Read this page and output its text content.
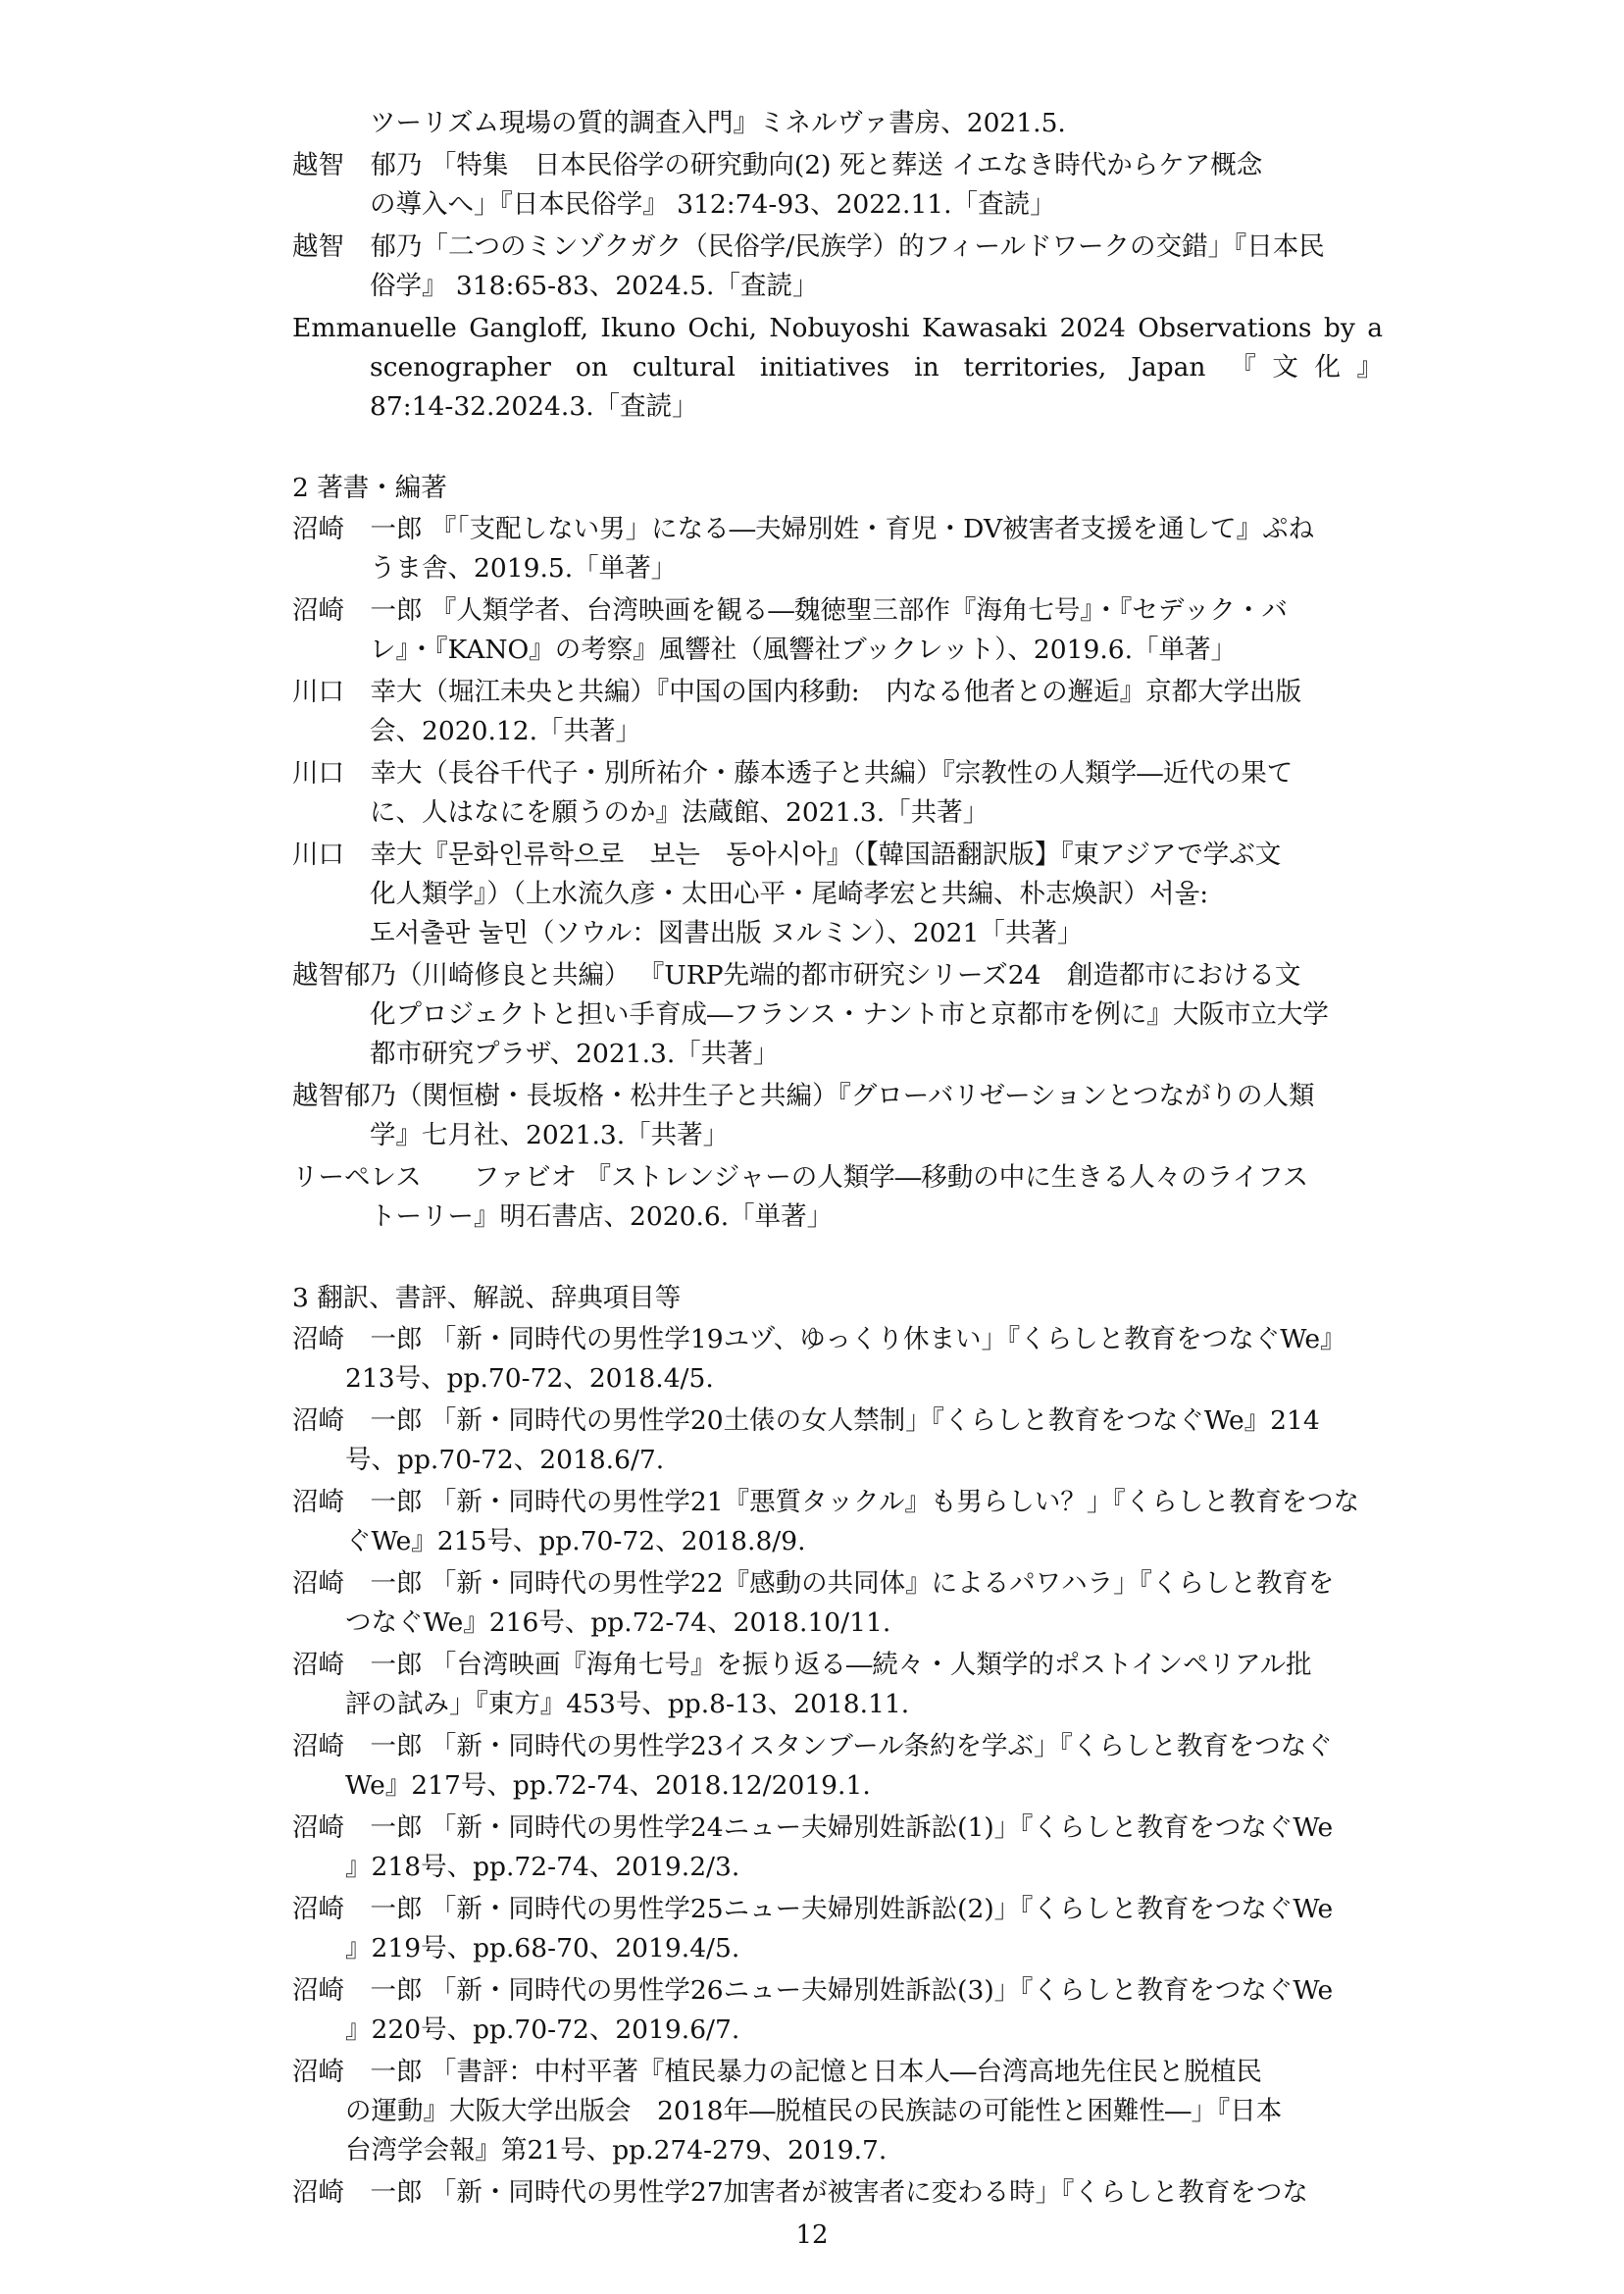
ツーリズム現場の質的調査入門』ミネルヴァ書房、2021.5.
越智　郁乃 「特集　日本民俗学の研究動向(2) 死と葬送 イエなき時代からケア概念
の導入へ」『日本民俗学』 312:74-93、2022.11.「査読」
越智　郁乃「二つのミンゾクガク（民俗学/民族学）的フィールドワークの交錯」『日本民
俗学』 318:65-83、2024.5.「査読」
Emmanuelle Gangloff, Ikuno Ochi, Nobuyoshi Kawasaki 2024 Observations by a
scenographer on cultural initiatives in territories, Japan 『文化』
87:14-32.2024.3.「査読」
2 著書・編著
沼崎　一郎 『「支配しない男」になる―夫婦別姓・育児・DV被害者支援を通して』ぷね
うま舎、2019.5.「単著」
沼崎　一郎 『人類学者、台湾映画を観る―魏徳聖三部作『海角七号』・『セデック・バ
レ』・『KANO』の考察』風響社（風響社ブックレット）、2019.6.「単著」
川口　幸大（堀江未央と共編）『中国の国内移動:　内なる他者との邂逅』京都大学出版
会、2020.12.「共著」
川口　幸大（長谷千代子・別所祐介・藤本透子と共編）『宗教性の人類学―近代の果て
に、人はなにを願うのか』法蔵館、2021.3.「共著」
川口　幸大『문화인류학으로　보는　동아시아』（【韓国語翻訳版】『東アジアで学ぶ文
化人類学』）（上水流久彦・太田心平・尾崎孝宏と共編、朴志煥訳）서울:
도서출판 눌민（ソウル：図書出版 ヌルミン）、2021「共著」
越智郁乃（川崎修良と共編） 『URP先端的都市研究シリーズ24　創造都市における文
化プロジェクトと担い手育成―フランス・ナント市と京都市を例に』大阪市立大学
都市研究プラザ、2021.3.「共著」
越智郁乃（関恒樹・長坂格・松井生子と共編）『グローバリゼーションとつながりの人類
学』七月社、2021.3.「共著」
リーペレス　　ファビオ 『ストレンジャーの人類学―移動の中に生きる人々のライフス
トーリー』明石書店、2020.6.「単著」
3 翻訳、書評、解説、辞典項目等
沼崎　一郎 「新・同時代の男性学19ユヅ、ゆっくり休まい」『くらしと教育をつなぐWe』
213号、pp.70-72、2018.4/5.
沼崎　一郎 「新・同時代の男性学20土俵の女人禁制」『くらしと教育をつなぐWe』214
号、pp.70-72、2018.6/7.
沼崎　一郎 「新・同時代の男性学21『悪質タックル』も男らしい？」『くらしと教育をつな
ぐWe』215号、pp.70-72、2018.8/9.
沼崎　一郎 「新・同時代の男性学22『感動の共同体』によるパワハラ」『くらしと教育を
つなぐWe』216号、pp.72-74、2018.10/11.
沼崎　一郎 「台湾映画『海角七号』を振り返る―続々・人類学的ポストインペリアル批
評の試み」『東方』453号、pp.8-13、2018.11.
沼崎　一郎 「新・同時代の男性学23イスタンブール条約を学ぶ」『くらしと教育をつなぐ
We』217号、pp.72-74、2018.12/2019.1.
沼崎　一郎 「新・同時代の男性学24ニュー夫婦別姓訴訟(1)」『くらしと教育をつなぐWe
』218号、pp.72-74、2019.2/3.
沼崎　一郎 「新・同時代の男性学25ニュー夫婦別姓訴訟(2)」『くらしと教育をつなぐWe
』219号、pp.68-70、2019.4/5.
沼崎　一郎 「新・同時代の男性学26ニュー夫婦別姓訴訟(3)」『くらしと教育をつなぐWe
』220号、pp.70-72、2019.6/7.
沼崎　一郎 「書評：中村平著『植民暴力の記憶と日本人―台湾高地先住民と脱植民
の運動』大阪大学出版会　2018年―脱植民の民族誌の可能性と困難性―」『日本
台湾学会報』第21号、pp.274-279、2019.7.
沼崎　一郎 「新・同時代の男性学27加害者が被害者に変わる時」『くらしと教育をつな
12
